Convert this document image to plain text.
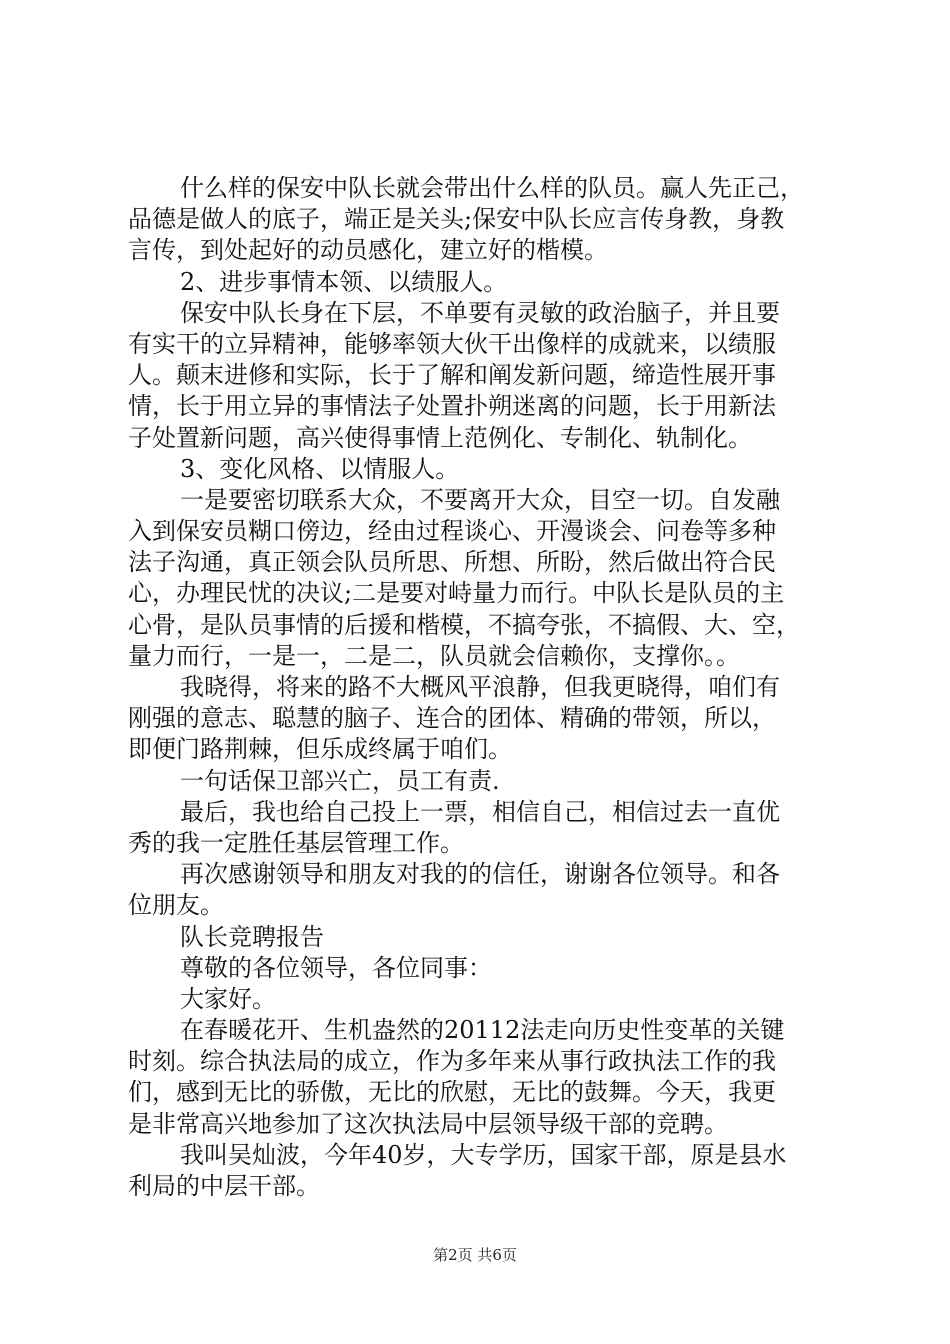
什么样的保安中队长就会带出什么样的队员。赢人先正己，
品德是做人的底子，端正是关头;保安中队长应言传身教，身教
言传，到处起好的动员感化，建立好的楷模。
2、进步事情本领、以绩服人。
保安中队长身在下层，不单要有灵敏的政治脑子，并且要
有实干的立异精神，能够率领大伙干出像样的成就来，以绩服
人。颠末进修和实际，长于了解和阐发新问题，缔造性展开事
情，长于用立异的事情法子处置扑朔迷离的问题，长于用新法
子处置新问题，高兴使得事情上范例化、专制化、轨制化。
3、变化风格、以情服人。
一是要密切联系大众，不要离开大众，目空一切。自发融
入到保安员糊口傍边，经由过程谈心、开漫谈会、问卷等多种
法子沟通，真正领会队员所思、所想、所盼，然后做出符合民
心，办理民忧的决议;二是要对峙量力而行。中队长是队员的主
心骨，是队员事情的后援和楷模，不搞夸张，不搞假、大、空，
量力而行，一是一，二是二，队员就会信赖你，支撑你。。
我晓得，将来的路不大概风平浪静，但我更晓得，咱们有
刚强的意志、聪慧的脑子、连合的团体、精确的带领，所以，
即便门路荆棘，但乐成终属于咱们。
一句话保卫部兴亡，员工有责.
最后，我也给自己投上一票，相信自己，相信过去一直优
秀的我一定胜任基层管理工作。
再次感谢领导和朋友对我的的信任，谢谢各位领导。和各
位朋友。
队长竞聘报告
尊敬的各位领导，各位同事：
大家好。
在春暖花开、生机盎然的20112法走向历史性变革的关键
时刻。综合执法局的成立，作为多年来从事行政执法工作的我
们，感到无比的骄傲，无比的欣慰，无比的鼓舞。今天，我更
是非常高兴地参加了这次执法局中层领导级干部的竞聘。
我叫吴灿波，今年40岁，大专学历，国家干部，原是县水
利局的中层干部。
第2页 共6页
